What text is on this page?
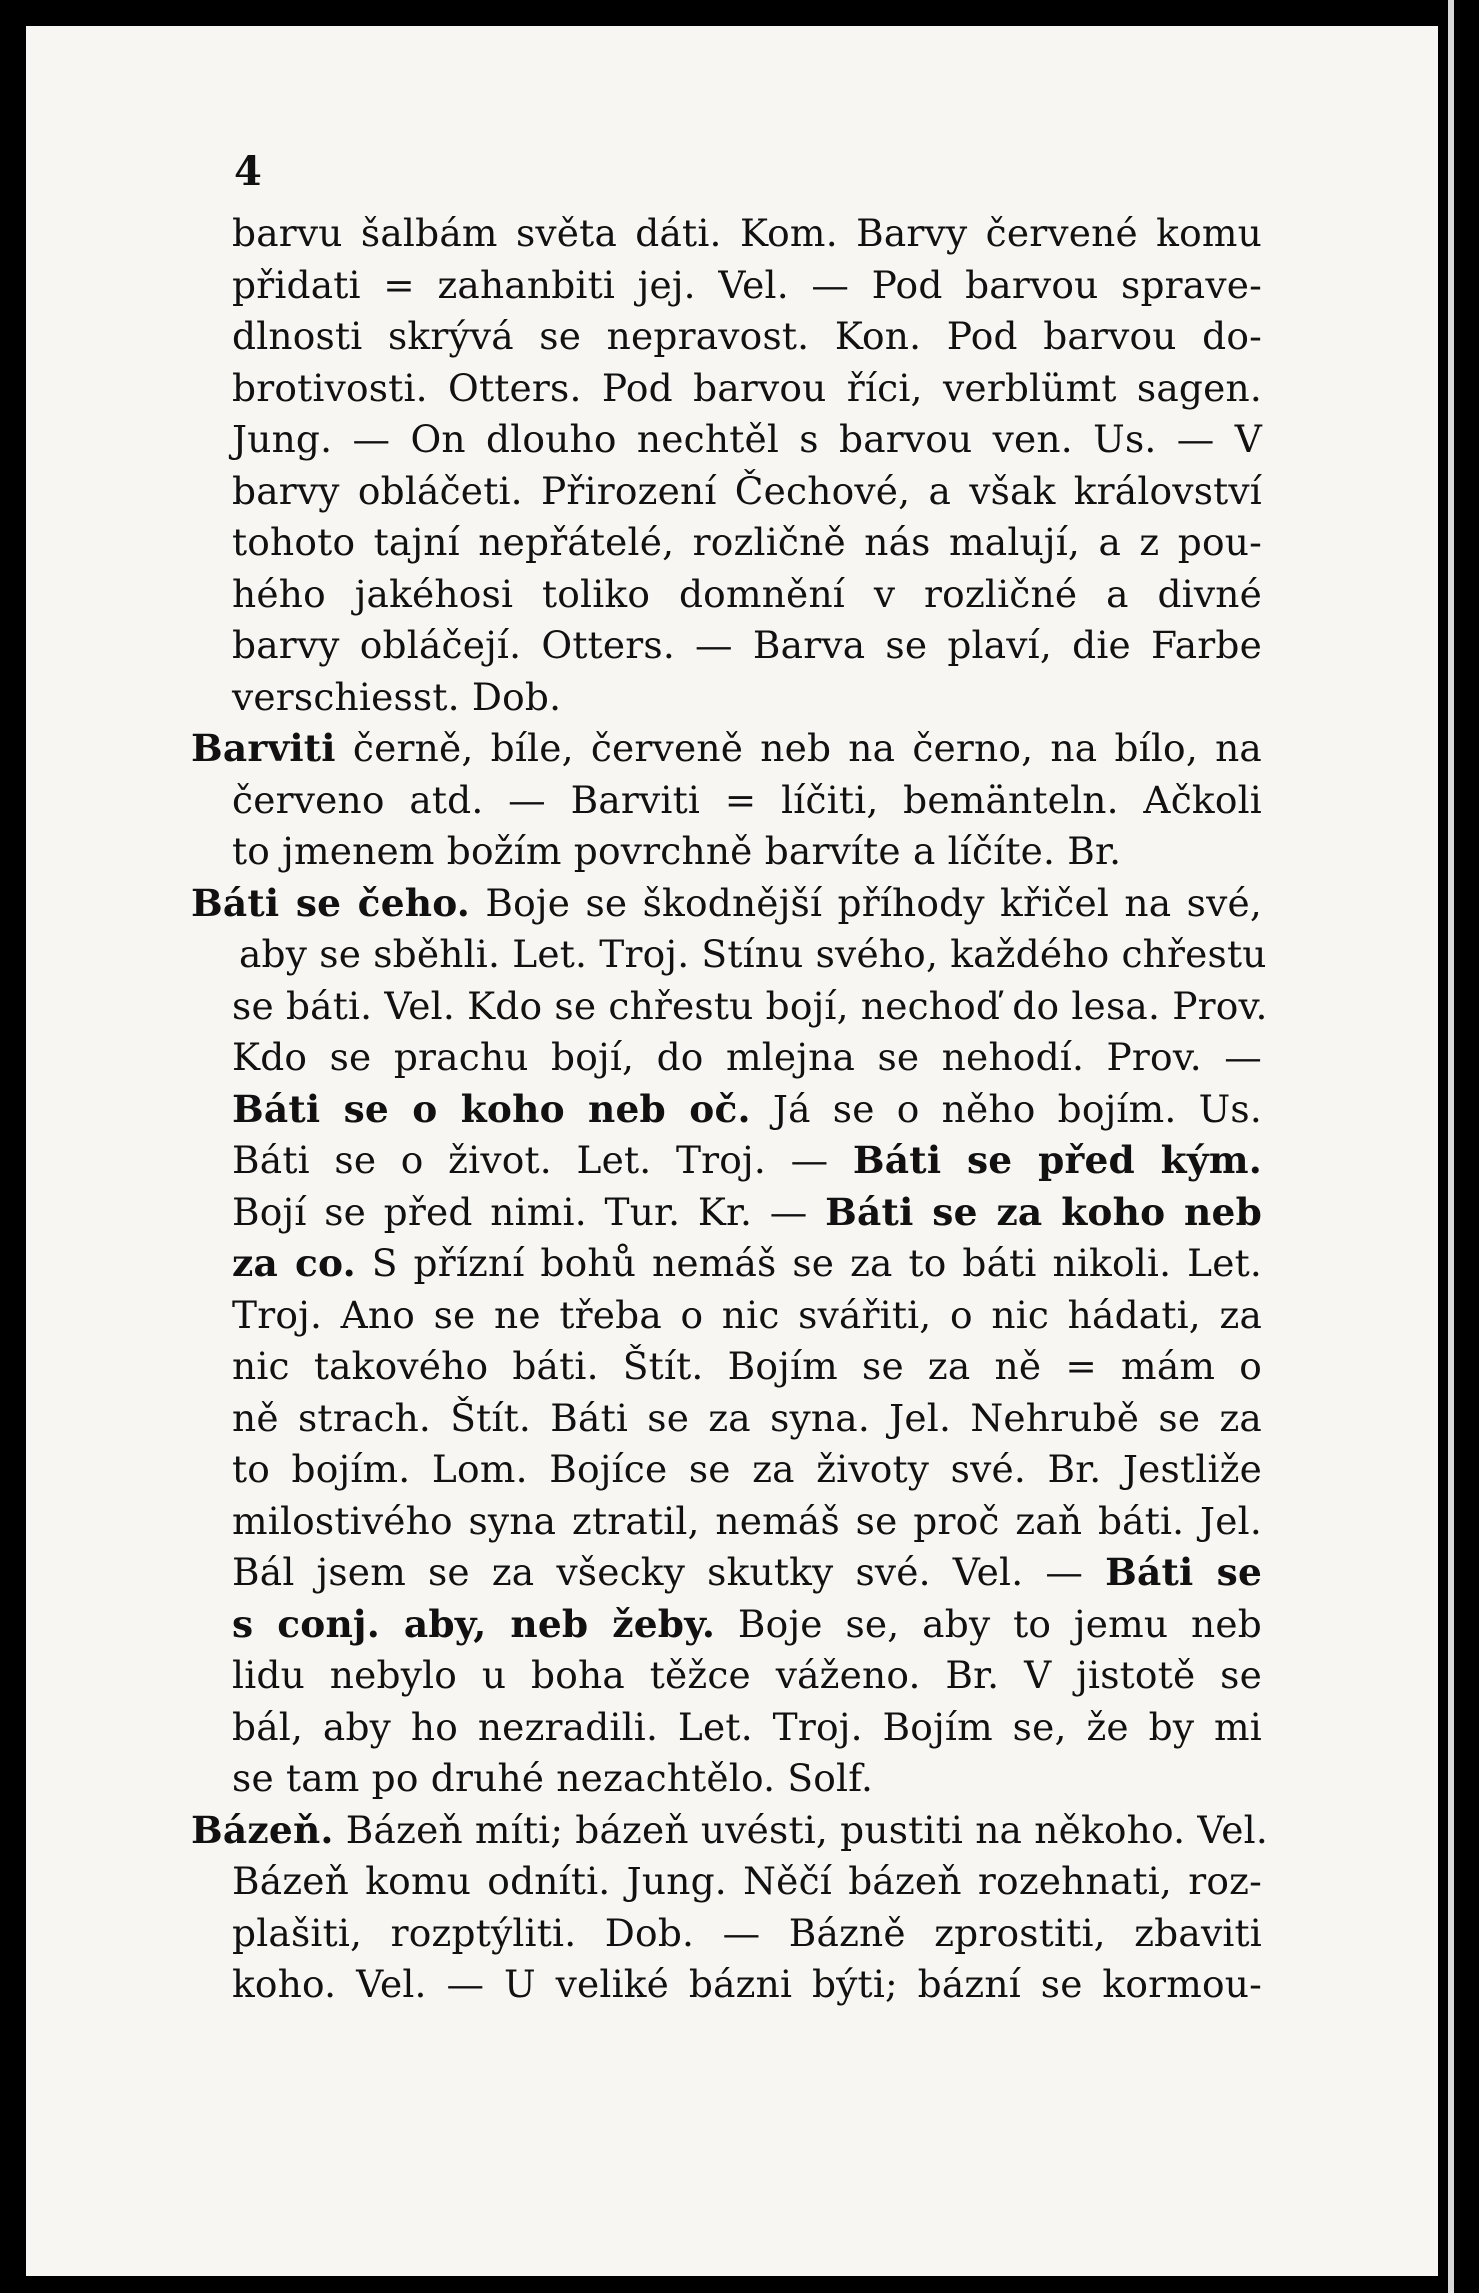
4
barvu šalbám světa dáti. Kom. Barvy červené komu
přidati = zahanbiti jej. Vel. — Pod barvou sprave-
dlnosti skrývá se nepravost. Kon. Pod barvou do-
brotivosti. Otters. Pod barvou říci, verblümt sagen.
Jung. — On dlouho nechtěl s barvou ven. Us. — V
barvy obláčeti. Přirození Čechové, a však království
tohoto tajní nepřátelé, rozličně nás malují, a z pou-
hého jakéhosi toliko domnění v rozličné a divné
barvy obláčejí. Otters. — Barva se plaví, die Farbe
verschiesst. Dob.
Barviti černě, bíle, červeně neb na černo, na bílo, na
červeno atd. — Barviti = líčiti, bemänteln. Ačkoli
to jmenem božím povrchně barvíte a líčíte. Br.
Báti se čeho. Boje se škodnější příhody křičel na své,
aby se sběhli. Let. Troj. Stínu svého, každého chřestu
se báti. Vel. Kdo se chřestu bojí, nechoď do lesa. Prov.
Kdo se prachu bojí, do mlejna se nehodí. Prov. —
Báti se o koho neb oč. Já se o něho bojím. Us.
Báti se o život. Let. Troj. — Báti se před kým.
Bojí se před nimi. Tur. Kr. — Báti se za koho neb
za co. S přízní bohů nemáš se za to báti nikoli. Let.
Troj. Ano se ne třeba o nic svářiti, o nic hádati, za
nic takového báti. Štít. Bojím se za ně = mám o
ně strach. Štít. Báti se za syna. Jel. Nehrubě se za
to bojím. Lom. Bojíce se za životy své. Br. Jestliže
milostivého syna ztratil, nemáš se proč zaň báti. Jel.
Bál jsem se za všecky skutky své. Vel. — Báti se
s conj. aby, neb žeby. Boje se, aby to jemu neb
lidu nebylo u boha těžce váženo. Br. V jistotě se
bál, aby ho nezradili. Let. Troj. Bojím se, že by mi
se tam po druhé nezachtělo. Solf.
Bázeň. Bázeň míti; bázeň uvésti, pustiti na někoho. Vel.
Bázeň komu odníti. Jung. Něčí bázeň rozehnati, roz-
plašiti, rozptýliti. Dob. — Bázně zprostiti, zbaviti
koho. Vel. — U veliké bázni býti; bázní se kormou-
